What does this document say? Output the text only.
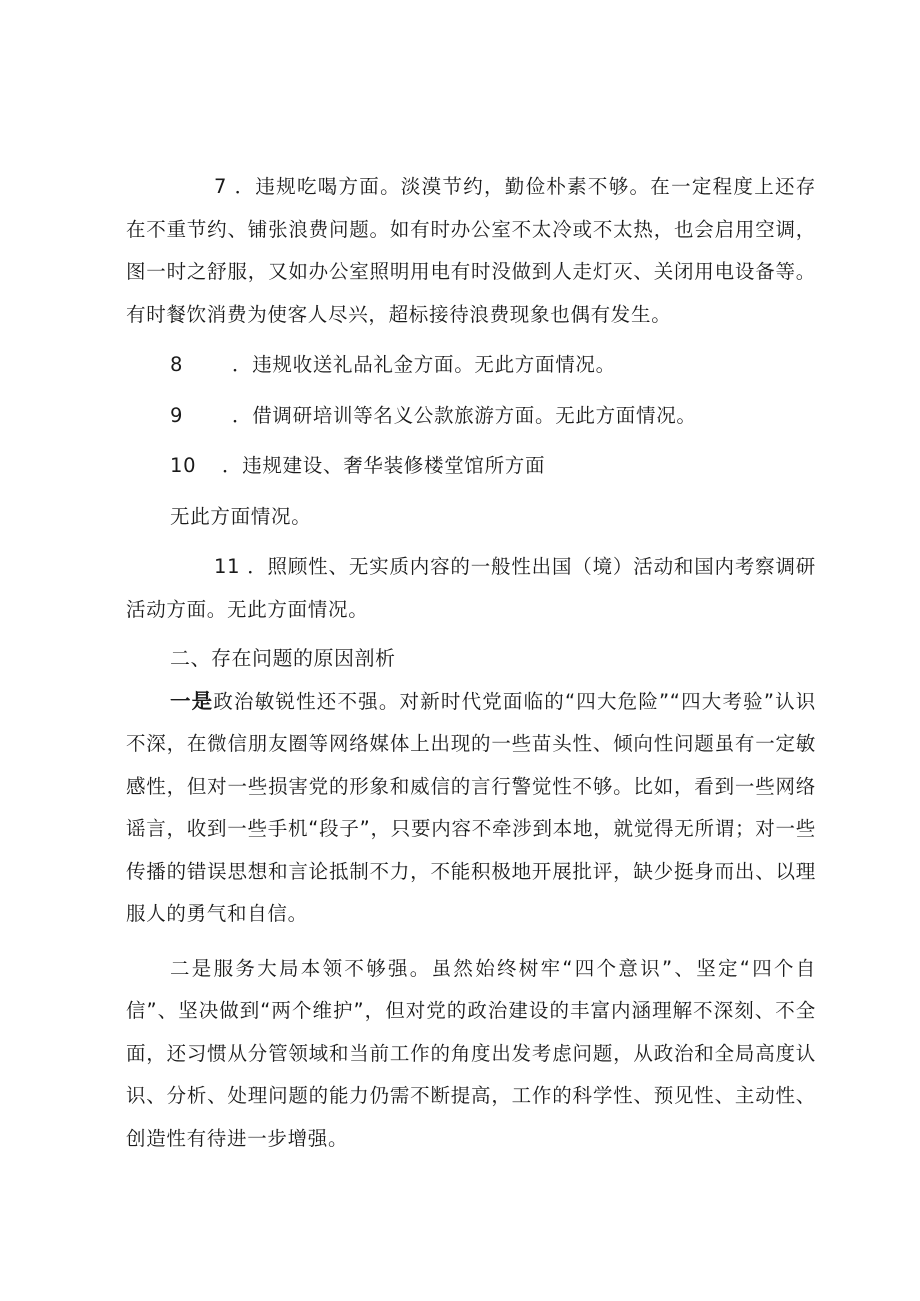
7 ．违规吃喝方面。淡漠节约，勤俭朴素不够。在一定程度上还存在不重节约、铺张浪费问题。如有时办公室不太冷或不太热，也会启用空调，图一时之舒服，又如办公室照明用电有时没做到人走灯灭、关闭用电设备等。有时餐饮消费为使客人尽兴，超标接待浪费现象也偶有发生。

8	．违规收送礼品礼金方面。无此方面情况。

9	．借调研培训等名义公款旅游方面。无此方面情况。

10 ．违规建设、奢华装修楼堂馆所方面

无此方面情况。

11 ．照顾性、无实质内容的一般性出国（境）活动和国内考察调研活动方面。无此方面情况。

二、存在问题的原因剖析

一是政治敏锐性还不强。对新时代党面临的“四大危险”“四大考验”认识不深，在微信朋友圈等网络媒体上出现的一些苗头性、倾向性问题虽有一定敏感性，但对一些损害党的形象和威信的言行警觉性不够。比如，看到一些网络谣言，收到一些手机“段子”，只要内容不牵涉到本地，就觉得无所谓；对一些传播的错误思想和言论抵制不力，不能积极地开展批评，缺少挺身而出、以理服人的勇气和自信。

二是服务大局本领不够强。虽然始终树牢“四个意识”、坚定“四个自信”、坚决做到“两个维护”，但对党的政治建设的丰富内涵理解不深刻、不全面，还习惯从分管领域和当前工作的角度出发考虑问题，从政治和全局高度认识、分析、处理问题的能力仍需不断提高，工作的科学性、预见性、主动性、创造性有待进一步增强。
